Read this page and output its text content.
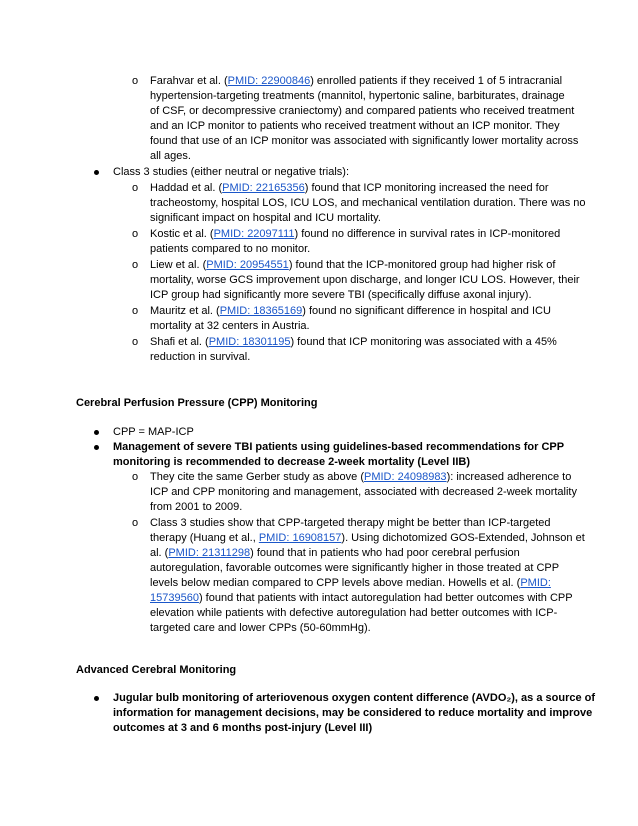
o Farahvar et al. (PMID: 22900846) enrolled patients if they received 1 of 5 intracranial
hypertension-targeting treatments (mannitol, hypertonic saline, barbiturates, drainage
of CSF, or decompressive craniectomy) and compared patients who received treatment
and an ICP monitor to patients who received treatment without an ICP monitor. They
found that use of an ICP monitor was associated with significantly lower mortality across
all ages.
Class 3 studies (either neutral or negative trials):
o Haddad et al. (PMID: 22165356) found that ICP monitoring increased the need for
tracheostomy, hospital LOS, ICU LOS, and mechanical ventilation duration. There was no
significant impact on hospital and ICU mortality.
o Kostic et al. (PMID: 22097111) found no difference in survival rates in ICP-monitored
patients compared to no monitor.
o Liew et al. (PMID: 20954551) found that the ICP-monitored group had higher risk of
mortality, worse GCS improvement upon discharge, and longer ICU LOS. However, their
ICP group had significantly more severe TBI (specifically diffuse axonal injury).
o Mauritz et al. (PMID: 18365169) found no significant difference in hospital and ICU
mortality at 32 centers in Austria.
o Shafi et al. (PMID: 18301195) found that ICP monitoring was associated with a 45%
reduction in survival.
Cerebral Perfusion Pressure (CPP) Monitoring
CPP = MAP-ICP
Management of severe TBI patients using guidelines-based recommendations for CPP
monitoring is recommended to decrease 2-week mortality (Level IIB)
o They cite the same Gerber study as above (PMID: 24098983): increased adherence to
ICP and CPP monitoring and management, associated with decreased 2-week mortality
from 2001 to 2009.
o Class 3 studies show that CPP-targeted therapy might be better than ICP-targeted
therapy (Huang et al., PMID: 16908157). Using dichotomized GOS-Extended, Johnson et
al. (PMID: 21311298) found that in patients who had poor cerebral perfusion
autoregulation, favorable outcomes were significantly higher in those treated at CPP
levels below median compared to CPP levels above median. Howells et al. (PMID:
15739560) found that patients with intact autoregulation had better outcomes with CPP
elevation while patients with defective autoregulation had better outcomes with ICP-
targeted care and lower CPPs (50-60mmHg).
Advanced Cerebral Monitoring
Jugular bulb monitoring of arteriovenous oxygen content difference (AVDO₂), as a source of
information for management decisions, may be considered to reduce mortality and improve
outcomes at 3 and 6 months post-injury (Level III)
